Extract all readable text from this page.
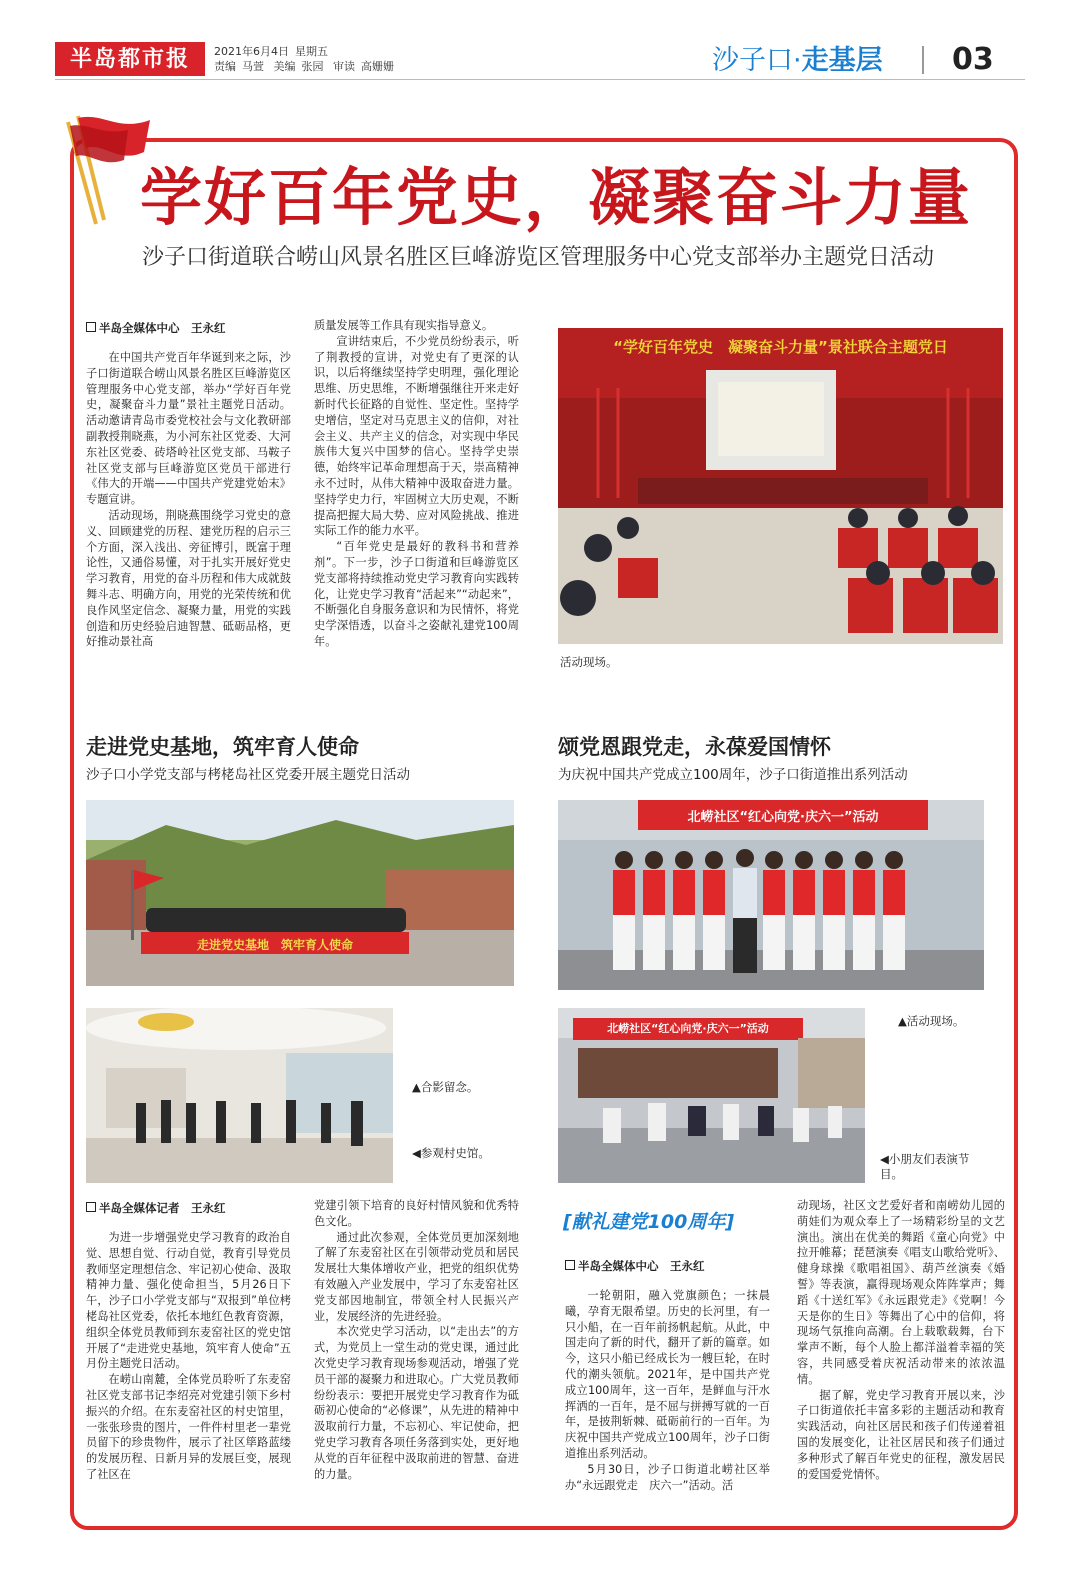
半岛都市报	2021年6月4日 星期五
责编 马萱 美编 张园 审读 高姗姗	沙子口·走基层 03
学好百年党史，凝聚奋斗力量
沙子口街道联合崂山风景名胜区巨峰游览区管理服务中心党支部举办主题党日活动
半岛全媒体中心　王永红

在中国共产党百年华诞到来之际，沙子口街道联合崂山风景名胜区巨峰游览区管理服务中心党支部，举办“学好百年党史，凝聚奋斗力量”景社主题党日活动。活动邀请青岛市委党校社会与文化教研部副教授荆晓燕，为小河东社区党委、大河东社区党委、砖塔岭社区党支部、马鞍子社区党支部与巨峰游览区党员干部进行《伟大的开端——中国共产党建党始末》专题宣讲。

活动现场，荆晓燕围绕学习党史的意义、回顾建党的历程、建党历程的启示三个方面，深入浅出、旁征博引，既富于理论性，又通俗易懂，对于扎实开展好党史学习教育，用党的奋斗历程和伟大成就鼓舞斗志、明确方向，用党的光荣传统和优良作风坚定信念、凝聚力量，用党的实践创造和历史经验启迪智慧、砥砺品格，更好推动景社高

质量发展等工作具有现实指导意义。

宣讲结束后，不少党员纷纷表示，听了荆教授的宣讲，对党史有了更深的认识，以后将继续坚持学史明理，强化理论思维、历史思维，不断增强继往开来走好新时代长征路的自觉性、坚定性。坚持学史增信，坚定对马克思主义的信仰，对社会主义、共产主义的信念，对实现中华民族伟大复兴中国梦的信心。坚持学史崇德，始终牢记革命理想高于天，崇高精神永不过时，从伟大精神中汲取奋进力量。坚持学史力行，牢固树立大历史观，不断提高把握大局大势、应对风险挑战、推进实际工作的能力水平。

“百年党史是最好的教科书和营养剂”。下一步，沙子口街道和巨峰游览区党支部将持续推动党史学习教育向实践转化，让党史学习教育“活起来”“动起来”，不断强化自身服务意识和为民情怀，将党史学深悟透，以奋斗之姿献礼建党100周年。

“学好百年党史　凝聚奋斗力量”景社联合主题党日
活动现场。
走进党史基地，筑牢育人使命
沙子口小学党支部与栲栳岛社区党委开展主题党日活动
走进党史基地　筑牢育人使命
▲合影留念。
◀参观村史馆。
半岛全媒体记者　王永红

为进一步增强党史学习教育的政治自觉、思想自觉、行动自觉，教育引导党员教师坚定理想信念、牢记初心使命、汲取精神力量、强化使命担当，5月26日下午，沙子口小学党支部与“双报到”单位栲栳岛社区党委，依托本地红色教育资源，组织全体党员教师到东麦窑社区的党史馆开展了“走进党史基地，筑牢育人使命”五月份主题党日活动。

在崂山南麓，全体党员聆听了东麦窑社区党支部书记李绍亮对党建引领下乡村振兴的介绍。在东麦窑社区的村史馆里，一张张珍贵的图片，一件件村里老一辈党员留下的珍贵物件，展示了社区筚路蓝缕的发展历程、日新月异的发展巨变，展现了社区在

党建引领下培育的良好村情风貌和优秀特色文化。

通过此次参观，全体党员更加深刻地了解了东麦窑社区在引领带动党员和居民发展壮大集体增收产业，把党的组织优势有效融入产业发展中，学习了东麦窑社区党支部因地制宜，带领全村人民振兴产业，发展经济的先进经验。

本次党史学习活动，以“走出去”的方式，为党员上一堂生动的党史课，通过此次党史学习教育现场参观活动，增强了党员干部的凝聚力和进取心。广大党员教师纷纷表示：要把开展党史学习教育作为砥砺初心使命的“必修课”，从先进的精神中汲取前行力量，不忘初心、牢记使命，把党史学习教育各项任务落到实处，更好地从党的百年征程中汲取前进的智慧、奋进的力量。

颂党恩跟党走，永葆爱国情怀
为庆祝中国共产党成立100周年，沙子口街道推出系列活动
北崂社区“红心向党·庆六一”活动
▲活动现场。
北崂社区“红心向党·庆六一”活动
◀小朋友们表演节目。
[献礼建党100周年]
半岛全媒体中心　王永红

一轮朝阳，融入党旗颜色；一抹晨曦，孕育无限希望。历史的长河里，有一只小船，在一百年前扬帆起航。从此，中国走向了新的时代，翻开了新的篇章。如今，这只小船已经成长为一艘巨轮，在时代的潮头领航。2021年，是中国共产党成立100周年，这一百年，是鲜血与汗水挥洒的一百年，是不屈与拼搏写就的一百年，是披荆斩棘、砥砺前行的一百年。为庆祝中国共产党成立100周年，沙子口街道推出系列活动。

5月30日，沙子口街道北崂社区举办“永远跟党走　庆六一”活动。活

动现场，社区文艺爱好者和南崂幼儿园的萌娃们为观众奉上了一场精彩纷呈的文艺演出。演出在优美的舞蹈《童心向党》中拉开帷幕；琵琶演奏《唱支山歌给党听》、健身球操《歌唱祖国》、葫芦丝演奏《婚誓》等表演，赢得现场观众阵阵掌声；舞蹈《十送红军》《永远跟党走》《党啊！今天是你的生日》等舞出了心中的信仰，将现场气氛推向高潮。台上载歌载舞，台下掌声不断，每个人脸上都洋溢着幸福的笑容，共同感受着庆祝活动带来的浓浓温情。

据了解，党史学习教育开展以来，沙子口街道依托丰富多彩的主题活动和教育实践活动，向社区居民和孩子们传递着祖国的发展变化，让社区居民和孩子们通过多种形式了解百年党史的征程，激发居民的爱国爱党情怀。
